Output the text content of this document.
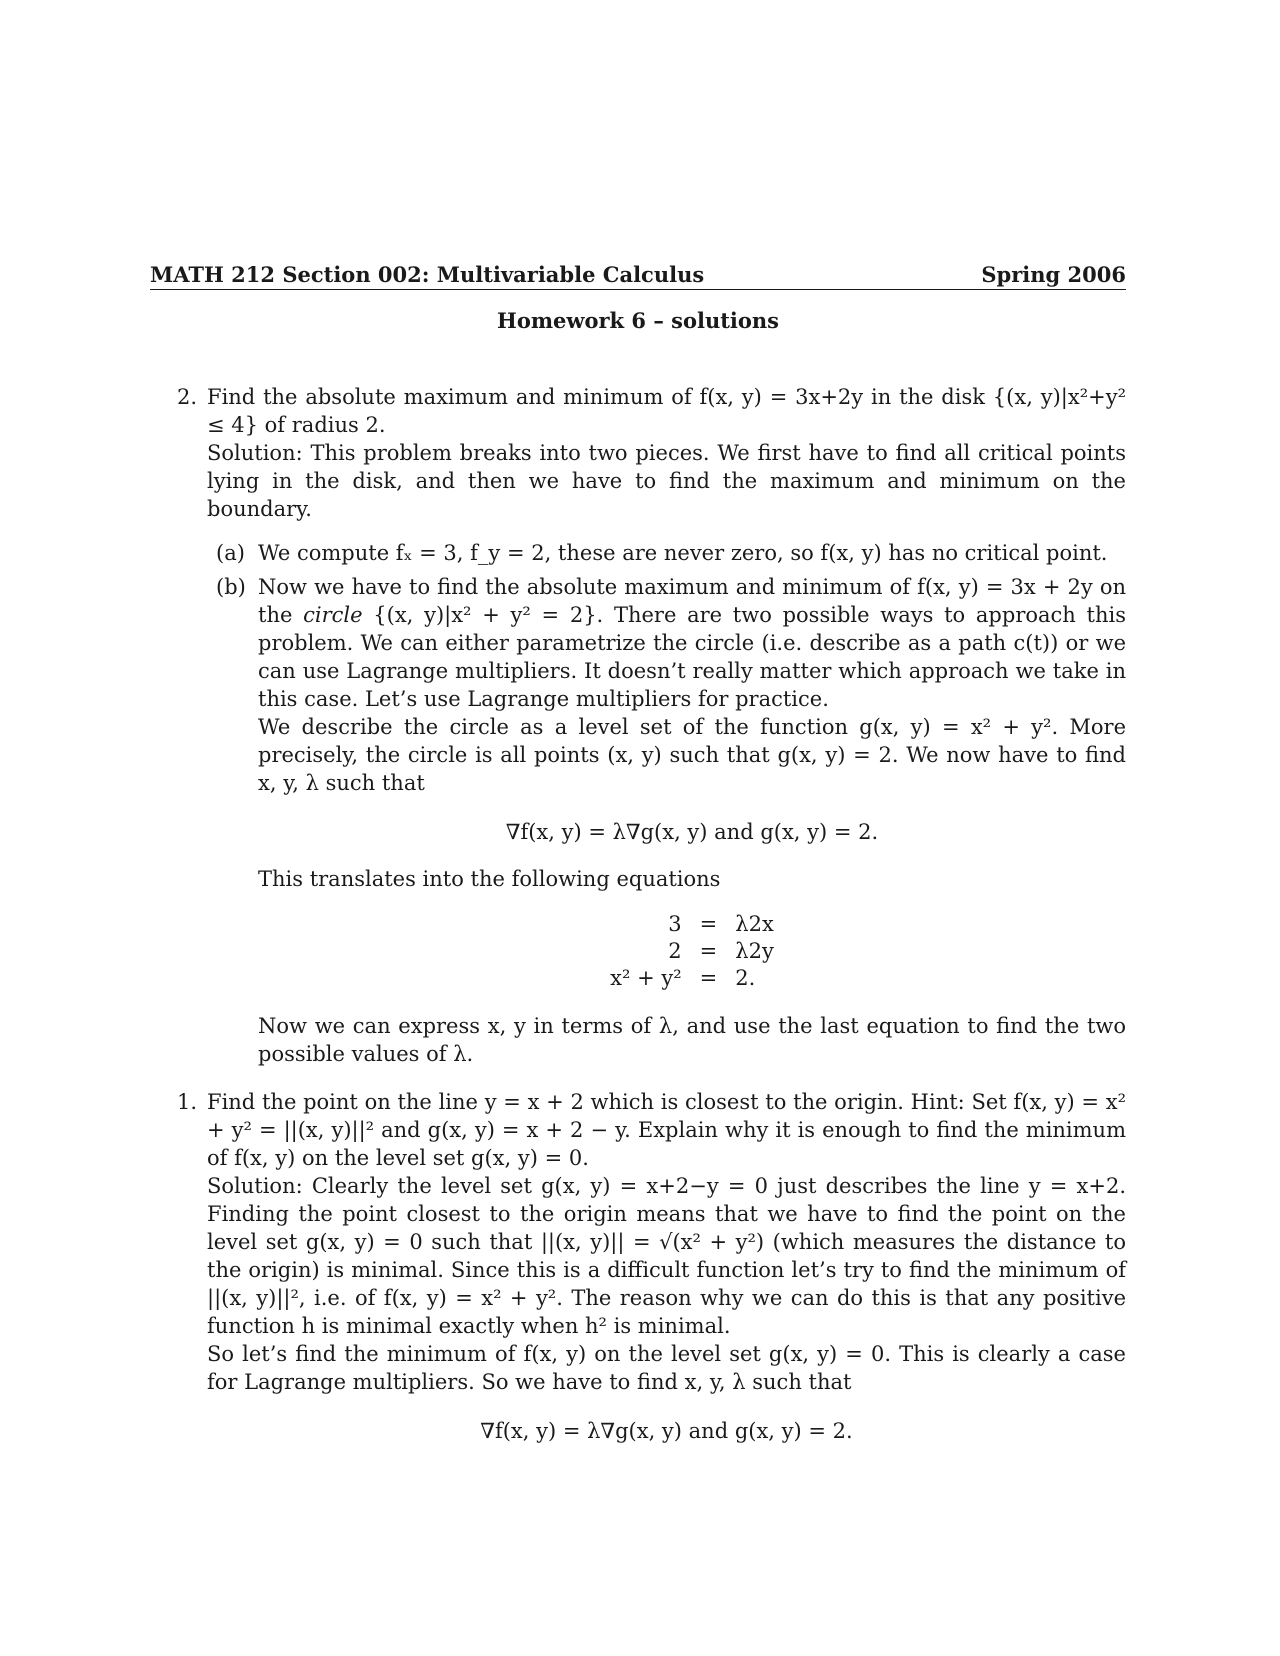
MATH 212 Section 002: Multivariable Calculus	Spring 2006
Homework 6 – solutions
2. Find the absolute maximum and minimum of f(x, y) = 3x+2y in the disk {(x, y)|x²+y² ≤ 4} of radius 2.

Solution: This problem breaks into two pieces. We first have to find all critical points lying in the disk, and then we have to find the maximum and minimum on the boundary.

(a) We compute fₓ = 3, f_y = 2, these are never zero, so f(x, y) has no critical point.

(b) Now we have to find the absolute maximum and minimum of f(x, y) = 3x + 2y on the circle {(x, y)|x² + y² = 2}. There are two possible ways to approach this problem. We can either parametrize the circle (i.e. describe as a path c(t)) or we can use Lagrange multipliers. It doesn’t really matter which approach we take in this case. Let’s use Lagrange multipliers for practice.

We describe the circle as a level set of the function g(x, y) = x² + y². More precisely, the circle is all points (x, y) such that g(x, y) = 2. We now have to find x, y, λ such that

∇f(x, y) = λ∇g(x, y) and g(x, y) = 2.

This translates into the following equations

3	=	λ2x
2	=	λ2y
x² + y²	=	2.

Now we can express x, y in terms of λ, and use the last equation to find the two possible values of λ.

1. Find the point on the line y = x + 2 which is closest to the origin. Hint: Set f(x, y) = x² + y² = ||(x, y)||² and g(x, y) = x + 2 − y. Explain why it is enough to find the minimum of f(x, y) on the level set g(x, y) = 0.

Solution: Clearly the level set g(x, y) = x+2−y = 0 just describes the line y = x+2. Finding the point closest to the origin means that we have to find the point on the level set g(x, y) = 0 such that ||(x, y)|| = √(x² + y²) (which measures the distance to the origin) is minimal. Since this is a difficult function let’s try to find the minimum of ||(x, y)||², i.e. of f(x, y) = x² + y². The reason why we can do this is that any positive function h is minimal exactly when h² is minimal.

So let’s find the minimum of f(x, y) on the level set g(x, y) = 0. This is clearly a case for Lagrange multipliers. So we have to find x, y, λ such that

∇f(x, y) = λ∇g(x, y) and g(x, y) = 2.
